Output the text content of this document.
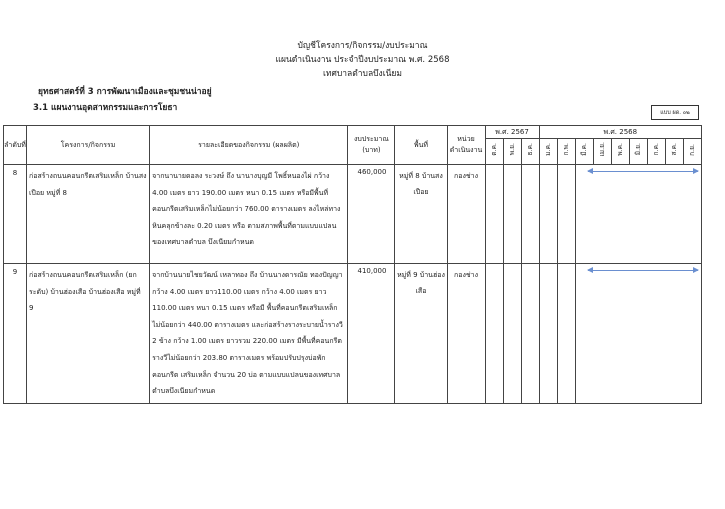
บัญชีโครงการ/กิจกรรม/งบประมาณ
แผนดำเนินงาน ประจำปีงบประมาณ พ.ศ. 2568
เทศบาลตำบลบึงเนียม
ยุทธศาสตร์ที่ 3 การพัฒนาเมืองและชุมชนน่าอยู่
3.1 แผนงานอุตสาหกรรมและการโยธา	แบบ ผด. ๐๒
ลำดับที่	โครงการ/กิจกรรม	รายละเอียดของกิจกรรม (ผลผลิต)	งบประมาณ (บาท)	พื้นที่	หน่วย ดำเนินงาน	พ.ศ. 2567			พ.ศ. 2568								
						ต.ค.	พ.ย.	ธ.ค.	ม.ค.	ก.พ.	มี.ค.	เม.ย.	พ.ค.	มิ.ย.	ก.ค.	ส.ค.	ก.ย.
8	ก่อสร้างถนนคอนกรีตเสริมเหล็ก บ้านสงเปือย หมู่ที่ 8	จากนานายดอลง ระวงษ์ ถึง นานางบุญมี โพธิ์หนองไผ่ กว้าง 4.00 เมตร ยาว 190.00 เมตร หนา 0.15 เมตร หรือมีพื้นที่คอนกรีตเสริมเหล็กไม่น้อยกว่า 760.00 ตารางเมตร ลงไหล่ทางหินคลุกข้างละ 0.20 เมตร หรือ ตามสภาพพื้นที่ตามแบบแปลนของเทศบาลตำบล บึงเนียมกำหนด	460,000	หมู่ที่ 8 บ้านสงเปือย	กองช่าง												

9	ก่อสร้างถนนคอนกรีตเสริมเหล็ก (ยกระดับ) บ้านฮ่องเสือ บ้านฮ่องเสือ หมู่ที่ 9	จากบ้านนายไชยวัฒน์ เหลาทอง ถึง บ้านนางดารณัย ทองปัญญา กว้าง 4.00 เมตร ยาว110.00 เมตร กว้าง 4.00 เมตร ยาว 110.00 เมตร หนา 0.15 เมตร หรือมี พื้นที่คอนกรีตเสริมเหล็กไม่น้อยกว่า 440.00 ตารางเมตร และก่อสร้างรางระบายน้ำรางวี 2 ข้าง กว้าง 1.00 เมตร ยาวรวม 220.00 เมตร มีพื้นที่คอนกรีตรางวีไม่น้อยกว่า 203.80 ตารางเมตร พร้อมปรับปรุงบ่อพักคอนกรีต เสริมเหล็ก จำนวน 20 บ่อ ตามแบบแปลนของเทศบาล ตำบลบึงเนียมกำหนด	410,000	หมู่ที่ 9 บ้านฮ่องเสือ	กองช่าง												
